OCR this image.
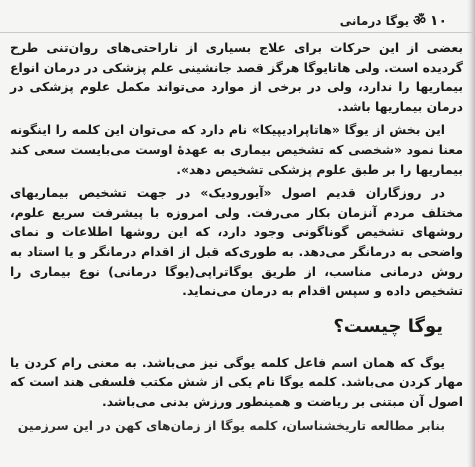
۱۰
ॐ
یوگا درمانی

بعضی از این حرکات برای علاج بسیاری از ناراحتی‌های روان‌تنی طرح گردیده است. ولی هاتایوگا هرگز قصد جانشینی علم پزشکی در درمان انواع بیماریها را ندارد، ولی در برخی از موارد می‌تواند مکمل علوم پزشکی در درمان بیماریها باشد.

این بخش از یوگا «هاتاپرادیپیکا» نام دارد که می‌توان این کلمه را اینگونه معنا نمود «شخصی که تشخیص بیماری به عهدهٔ اوست می‌بایست سعی کند بیماریها را بر طبق علوم پزشکی تشخیص دهد».

در روزگاران قدیم اصول «آیورودیک» در جهت تشخیص بیماریهای مختلف مردم آنزمان بکار می‌رفت. ولی امروزه با پیشرفت سریع علوم، روشهای تشخیص گوناگونی وجود دارد، که این روشها اطلاعات و نمای واضحی به درمانگر می‌دهد. به طوری‌که قبل از اقدام درمانگر و یا استاد به روش درمانی مناسب، از طریق یوگاتراپی(یوگا درمانی) نوع بیماری را تشخیص داده و سپس اقدام به درمان می‌نماید.

یوگا چیست؟

یوگ که همان اسم فاعل کلمه یوگی نیز می‌باشد. به معنی رام کردن یا مهار کردن می‌باشد. کلمه یوگا نام یکی از شش مکتب فلسفی هند است که اصول آن مبتنی بر ریاضت و همینطور ورزش بدنی می‌باشد.

بنابر مطالعه تاریخشناسان، کلمه یوگا از زمان‌های کهن در این سرزمین
